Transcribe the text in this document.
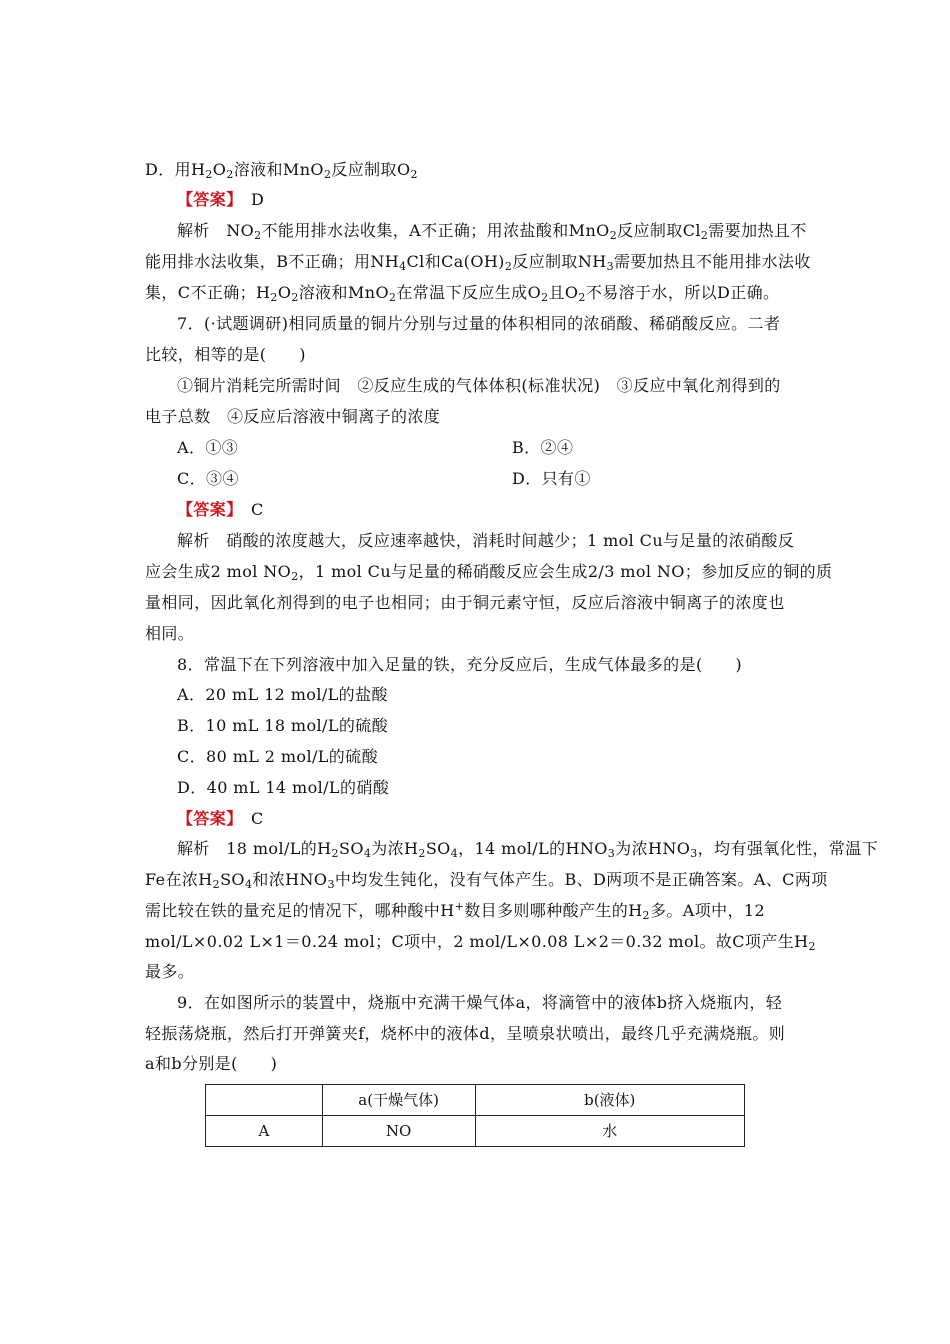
D．用$H_2O_2$溶液和MnO$_2$反应制取$O_2$
【答案】　 D
解析　$NO_2$不能用排水法收集，A不正确；用浓盐酸和MnO$_2$反应制取$Cl_2$需要加热且不
能用排水法收集，B不正确；用$NH_4Cl$和$Ca(OH)_2$反应制取$NH_3$需要加热且不能用排水法收
集，C不正确；$H_2O_2$溶液和MnO$_2$在常温下反应生成$O_2$且$O_2$不易溶于水，所以D正确。
7．(·试题调研)相同质量的铜片分别与过量的体积相同的浓硝酸、稀硝酸反应。二者
比较，相等的是(　　)
①铜片消耗完所需时间　②反应生成的气体体积(标准状况)　③反应中氧化剂得到的
电子总数　④反应后溶液中铜离子的浓度
A．①③	B．②④
C．③④	D．只有①
【答案】　 C
解析　硝酸的浓度越大，反应速率越快，消耗时间越少；1 mol Cu与足量的浓硝酸反
应会生成2 mol $NO_2$，1 mol Cu与足量的稀硝酸反应会生成2/3 mol NO；参加反应的铜的质
量相同，因此氧化剂得到的电子也相同；由于铜元素守恒，反应后溶液中铜离子的浓度也
相同。
8．常温下在下列溶液中加入足量的铁，充分反应后，生成气体最多的是(　　)
A．20 mL 12 mol/L的盐酸
B．10 mL 18 mol/L的硫酸
C．80 mL 2 mol/L的硫酸
D．40 mL 14 mol/L的硝酸
【答案】　 C
解析　18 mol/L的$H_2SO_4$为浓$H_2SO_4$，14 mol/L的$HNO_3$为浓$HNO_3$，均有强氧化性，常温下
Fe在浓$H_2SO_4$和浓$HNO_3$中均发生钝化，没有气体产生。B、D两项不是正确答案。A、C两项
需比较在铁的量充足的情况下，哪种酸中H+数目多则哪种酸产生的$H_2$多。A项中，12
mol/L×0.02 L×1＝0.24 mol；C项中，2 mol/L×0.08 L×2＝0.32 mol。故C项产生$H_2$
最多。
9．在如图所示的装置中，烧瓶中充满干燥气体a，将滴管中的液体b挤入烧瓶内，轻
轻振荡烧瓶，然后打开弹簧夹f，烧杯中的液体d，呈喷泉状喷出，最终几乎充满烧瓶。则
a和b分别是(　　)
	a(干燥气体)	b(液体)
A	NO	水
